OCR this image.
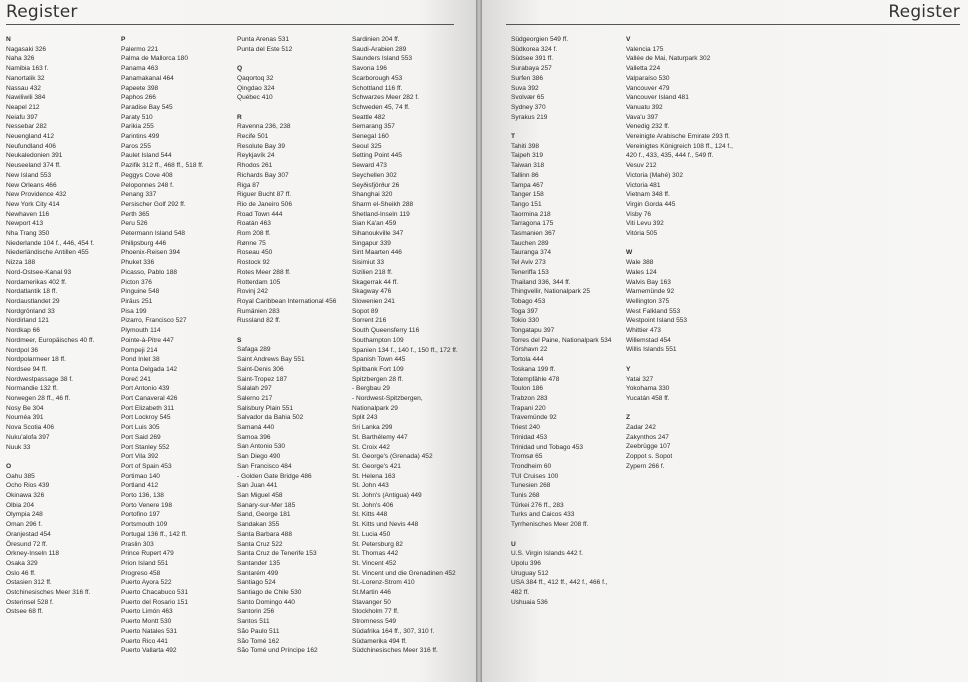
Register
N
Nagasaki 326
Naha 326
Namibia 163 f.
Nanortalik 32
Nassau 432
Nawiliwili 384
Neapel 212
Neiafu 397
Nessebar 282
Neuengland 412
Neufundland 406
Neukaledonien 391
Neuseeland 374 ff.
New Island 553
New Orleans 466
New Providence 432
New York City 414
Newhaven 116
Newport 413
Nha Trang 350
Niederlande 104 f., 446, 454 f.
Niederländische Antillen 455
Nizza 188
Nord-Ostsee-Kanal 93
Nordamerikas 402 ff.
Nordatlantik 18 ff.
Nordaustlandet 29
Nordgrönland 33
Nordirland 121
Nordkap 66
Nordmeer, Europäisches 40 ff.
Nordpol 36
Nordpolarmeer 18 ff.
Nordsee 94 ff.
Nordwestpassage 38 f.
Normandie 132 ff.
Norwegen 28 ff., 46 ff.
Nosy Be 304
Nouméa 391
Nova Scotia 406
Nuku'alofa 397
Nuuk 33
O
Oahu 385
Ocho Rios 439
Okinawa 326
Olbia 204
Olympia 248
Oman 296 f.
Oranjestad 454
Öresund 72 ff.
Orkney-Inseln 118
Osaka 329
Oslo 46 ff.
Ostasien 312 ff.
Ostchinesisches Meer 316 ff.
Osterinsel 528 f.
Ostsee 68 ff.
P
Palermo 221
Palma de Mallorca 180
Panama 463
Panamakanal 464
Papeete 398
Paphos 266
Paradise Bay 545
Paraty 510
Parikia 255
Parintins 499
Paros 255
Paulet Island 544
Pazifik 312 ff., 468 ff., 518 ff.
Peggys Cove 408
Peloponnes 248 f.
Penang 337
Persischer Golf 292 ff.
Perth 365
Peru 526
Petermann Island 548
Philipsburg 446
Phoenix-Reisen 394
Phuket 336
Picasso, Pablo 188
Picton 376
Pinguine 548
Piräus 251
Pisa 199
Pizarro, Francisco 527
Plymouth 114
Pointe-à-Pitre 447
Pompeji 214
Pond Inlet 38
Ponta Delgada 142
Poreč 241
Port Antonio 439
Port Canaveral 426
Port Elizabeth 311
Port Lockroy 545
Port Luis 305
Port Said 269
Port Stanley 552
Port Vila 392
Port of Spain 453
Portimao 140
Portland 412
Porto 136, 138
Porto Venere 198
Portofino 197
Portsmouth 109
Portugal 136 ff., 142 ff.
Praslin 303
Prince Rupert 479
Prion Island 551
Progreso 458
Puerto Ayora 522
Puerto Chacabuco 531
Puerto del Rosario 151
Puerto Limón 463
Puerto Montt 530
Puerto Natales 531
Puerto Rico 441
Puerto Vallarta 492
Punta Arenas 531
Punta del Este 512
Q
Qaqortoq 32
Qingdao 324
Québec 410
R
Ravenna 236, 238
Recife 501
Resolute Bay 39
Reykjavík 24
Rhodos 261
Richards Bay 307
Riga 87
Riguer Bucht 87 ff.
Rio de Janeiro 506
Road Town 444
Roatán 463
Rom 208 ff.
Rønne 75
Roseau 450
Rostock 92
Rotes Meer 288 ff.
Rotterdam 105
Rovinj 242
Royal Caribbean International 456
Rumänien 283
Russland 82 ff.
S
Safaga 289
Saint Andrews Bay 551
Saint-Denis 306
Saint-Tropez 187
Salalah 297
Salerno 217
Salisbury Plain 551
Salvador da Bahia 502
Samaná 440
Samoa 396
San Antonio 530
San Diego 490
San Francisco 484
- Golden Gate Bridge 486
San Juan 441
San Miguel 458
Sanary-sur-Mer 185
Sand, George 181
Sandakan 355
Santa Barbara 488
Santa Cruz 522
Santa Cruz de Tenerife 153
Santander 135
Santarém 499
Santiago 524
Santiago de Chile 530
Santo Domingo 440
Santorin 256
Santos 511
São Paulo 511
São Tomé 162
São Tomé und Príncipe 162
Sardinien 204 ff.
Saudi-Arabien 289
Saunders Island 553
Savona 196
Scarborough 453
Schottland 116 ff.
Schwarzes Meer 282 f.
Schweden 45, 74 ff.
Seattle 482
Semarang 357
Senegal 160
Seoul 325
Setting Point 445
Seward 473
Seychellen 302
Seyðisfjörður 26
Shanghai 320
Sharm el-Sheikh 288
Shetland-Inseln 119
Sian Ka'an 459
Sihanoukville 347
Singapur 339
Sint Maarten 446
Sisimiut 33
Sizilien 218 ff.
Skagerrak 44 ff.
Skagway 476
Slowenien 241
Sopot 89
Sorrent 216
South Queensferry 116
Southampton 109
Spanien 134 f., 140 f., 150 ff., 172 ff.
Spanish Town 445
Spitbank Fort 109
Spitzbergen 28 ff.
- Bergbau 29
- Nordwest-Spitzbergen,
Nationalpark 29
Split 243
Sri Lanka 299
St. Barthélemy 447
St. Croix 442
St. George's (Grenada) 452
St. George's 421
St. Helena 163
St. John 443
St. John's (Antigua) 449
St. John's 406
St. Kitts 448
St. Kitts und Nevis 448
St. Lucia 450
St. Petersburg 82
St. Thomas 442
St. Vincent 452
St. Vincent und die Grenadinen 452
St.-Lorenz-Strom 410
St.Martin 446
Stavanger 50
Stockholm 77 ff.
Stromness 549
Südafrika 164 ff., 307, 310 f.
Südamerika 494 ff.
Südchinesisches Meer 316 ff.
Register
Südgeorgien 549 ff.
Südkorea 324 f.
Südsee 391 ff.
Surabaya 257
Surfen 386
Suva 392
Svolvær 65
Sydney 370
Syrakus 219
T
Tahiti 398
Taipeh 319
Taiwan 318
Tallinn 86
Tampa 467
Tanger 158
Tango 151
Taormina 218
Tarragona 175
Tasmanien 367
Tauchen 289
Tauranga 374
Tel Aviv 273
Teneriffa 153
Thailand 336, 344 ff.
Thingvellir, Nationalpark 25
Tobago 453
Toga 397
Tokio 330
Tongatapu 397
Torres del Paine, Nationalpark 534
Tórshavn 22
Tortola 444
Toskana 199 ff.
Totempfähle 478
Toulon 186
Trabzon 283
Trapani 220
Travemünde 92
Triest 240
Trinidad 453
Trinidad und Tobago 453
Tromsø 65
Trondheim 60
TUI Cruises 100
Tunesien 268
Tunis 268
Türkei 276 ff., 283
Turks and Caicos 433
Tyrrhenisches Meer 208 ff.
U
U.S. Virgin Islands 442 f.
Upolu 396
Uruguay 512
USA 384 ff., 412 ff., 442 f., 466 f.,
482 ff.
Ushuaia 536
V
Valencia 175
Vallée de Mai, Naturpark 302
Valletta 224
Valparaíso 530
Vancouver 479
Vancouver Island 481
Vanuatu 392
Vava'u 397
Venedig 232 ff.
Vereinigte Arabische Emirate 293 ff.
Vereinigtes Königreich 108 ff., 124 f.,
420 f., 433, 435, 444 f., 549 ff.
Vesuv 212
Victoria (Mahé) 302
Victoria 481
Vietnam 348 ff.
Virgin Gorda 445
Visby 76
Viti Levu 392
Vitória 505
W
Wale 388
Wales 124
Walvis Bay 163
Warnemünde 92
Wellington 375
West Falkland 553
Westpoint Island 553
Whittier 473
Willemstad 454
Willis Islands 551
Y
Yatai 327
Yokohama 330
Yucatán 458 ff.
Z
Zadar 242
Zakynthos 247
Zeebrügge 107
Zoppot s. Sopot
Zypern 266 f.
